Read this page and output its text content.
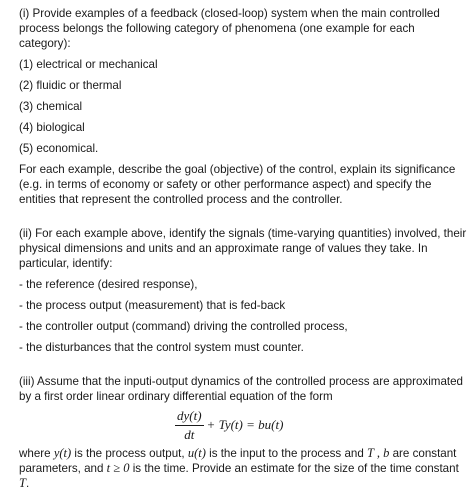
(i) Provide examples of a feedback (closed-loop) system when the main controlled process belongs the following category of phenomena (one example for each category):

(1) electrical or mechanical

(2) fluidic or thermal

(3) chemical

(4) biological

(5) economical.

For each example, describe the goal (objective) of the control, explain its significance (e.g. in terms of economy or safety or other performance aspect) and specify the entities that represent the controlled process and the controller.

(ii) For each example above, identify the signals (time-varying quantities) involved, their physical dimensions and units and an approximate range of values they take. In particular, identify:

- the reference (desired response),

- the process output (measurement) that is fed-back

- the controller output (command) driving the controlled process,

- the disturbances that the control system must counter.

(iii) Assume that the inputi-output dynamics of the controlled process are approximated by a first order linear ordinary differential equation of the form

$\frac{dy(t)}{dt} + Ty(t) = bu(t)$

where y(t) is the process output, u(t) is the input to the process and T , b are constant parameters, and t ≥ 0 is the time. Provide an estimate for the size of the time constant T.
